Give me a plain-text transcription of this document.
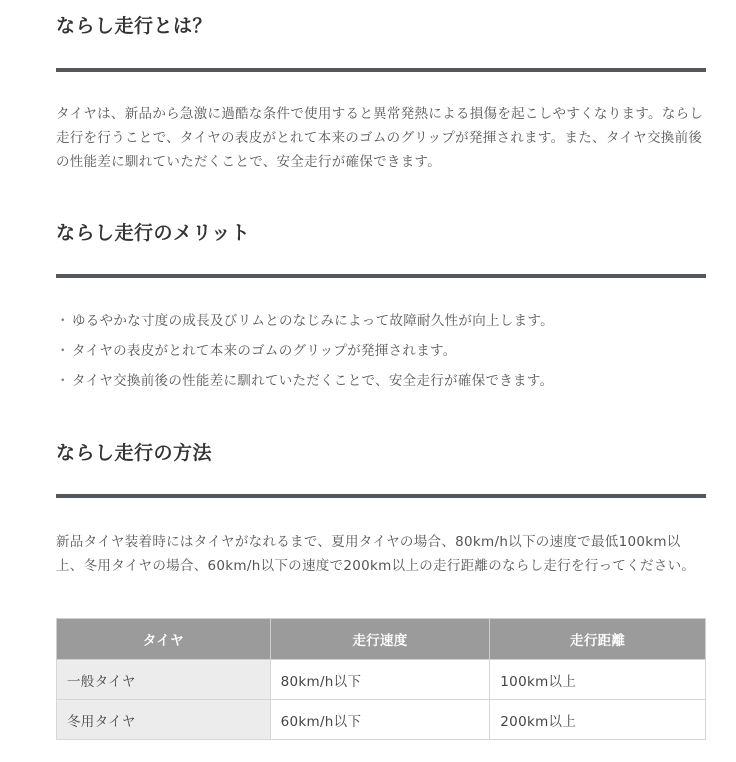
ならし走行とは？

タイヤは、新品から急激に過酷な条件で使用すると異常発熱による損傷を起こしやすくなります。ならし走行を行うことで、タイヤの表皮がとれて本来のゴムのグリップが発揮されます。また、タイヤ交換前後の性能差に馴れていただくことで、安全走行が確保できます。

ならし走行のメリット
・ ゆるやかな寸度の成長及びリムとのなじみによって故障耐久性が向上します。
・ タイヤの表皮がとれて本来のゴムのグリップが発揮されます。
・ タイヤ交換前後の性能差に馴れていただくことで、安全走行が確保できます。
ならし走行の方法

新品タイヤ装着時にはタイヤがなれるまで、夏用タイヤの場合、80km/h以下の速度で最低100km以上、冬用タイヤの場合、60km/h以下の速度で200km以上の走行距離のならし走行を行ってください。

タイヤ	走行速度	走行距離
一般タイヤ	80km/h以下	100km以上
冬用タイヤ	60km/h以下	200km以上
